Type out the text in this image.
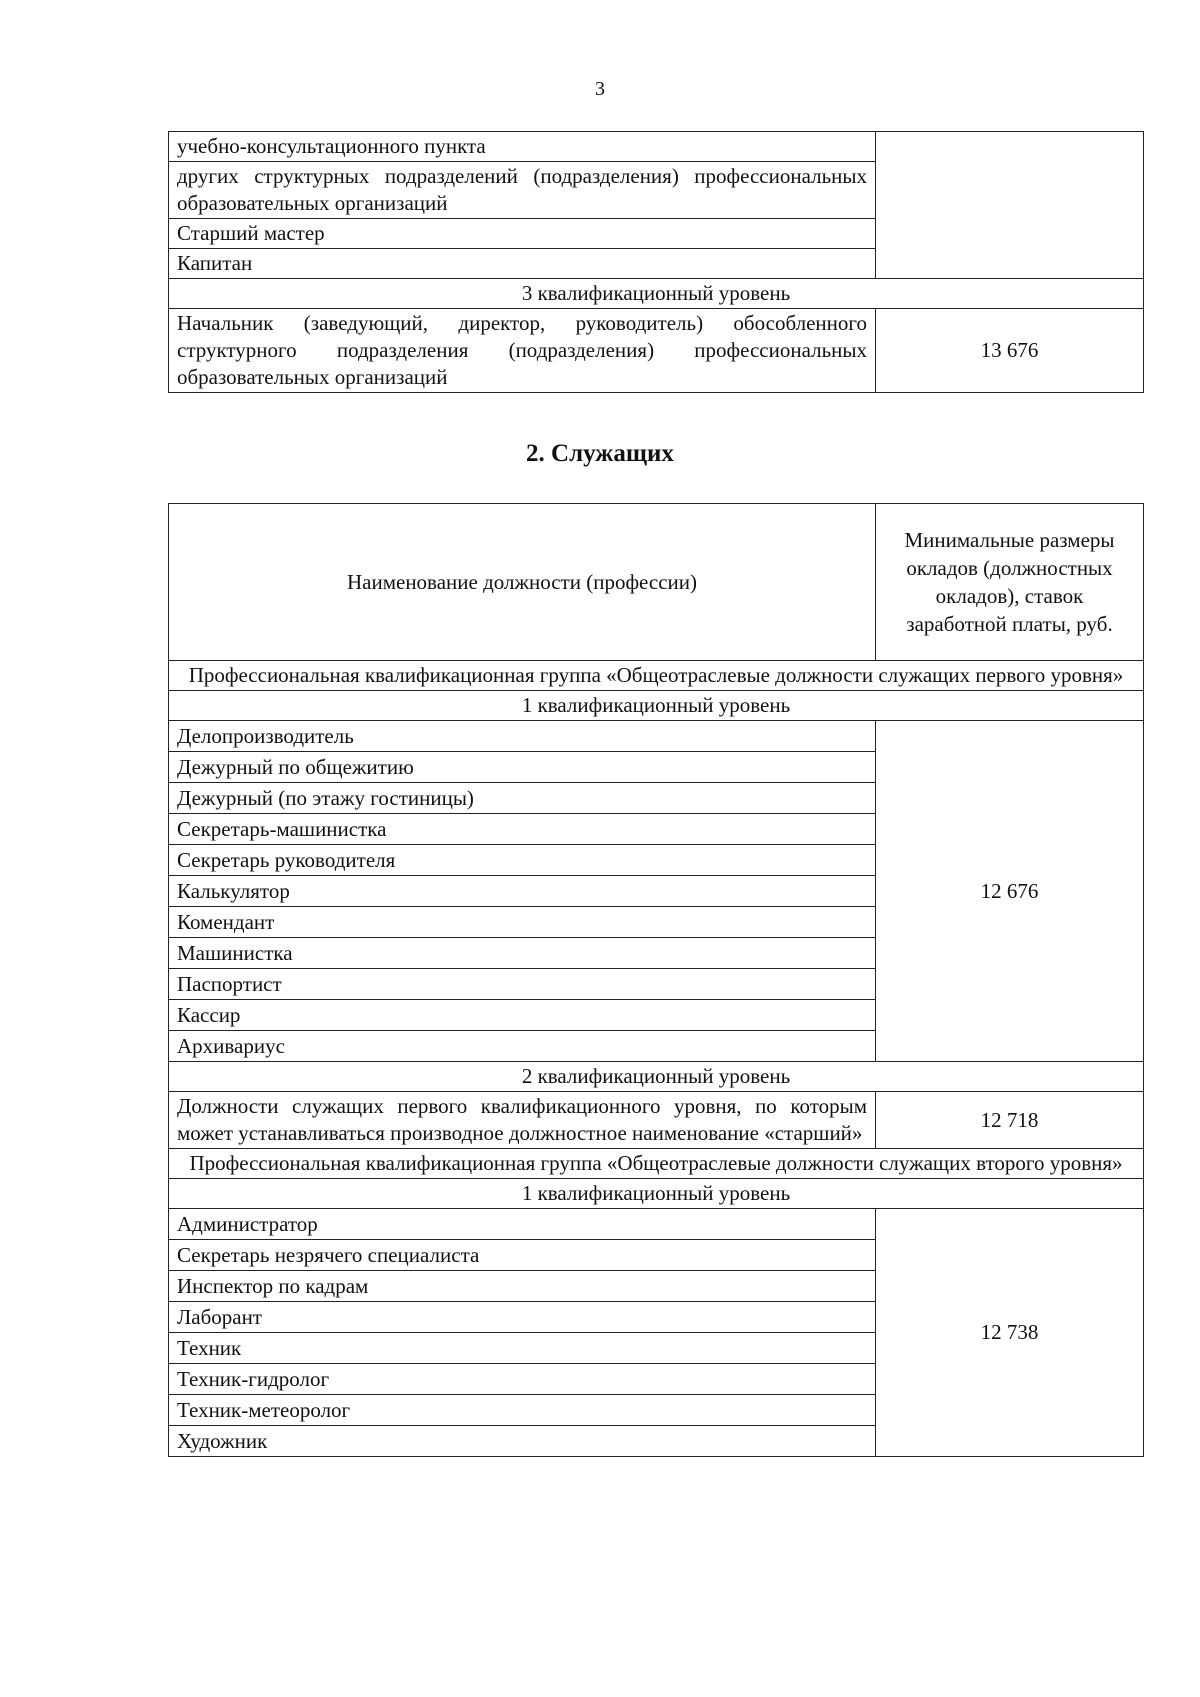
3
учебно-консультационного пункта	
других структурных подразделений (подразделения) профессиональных образовательных организаций	
Старший мастер	
Капитан	
3 квалификационный уровень	
Начальник (заведующий, директор, руководитель) обособленного структурного подразделения (подразделения) профессиональных образовательных организаций	13 676
2. Служащих
Наименование должности (профессии)	Минимальные размеры окладов (должностных окладов), ставок заработной платы, руб.
Профессиональная квалификационная группа «Общеотраслевые должности служащих первого уровня»	
1 квалификационный уровень	
Делопроизводитель	12 676
Дежурный по общежитию	
Дежурный (по этажу гостиницы)	
Секретарь-машинистка	
Секретарь руководителя	
Калькулятор	
Комендант	
Машинистка	
Паспортист	
Кассир	
Архивариус	
2 квалификационный уровень	
Должности служащих первого квалификационного уровня, по которым может устанавливаться производное должностное наименование «старший»	12 718
Профессиональная квалификационная группа «Общеотраслевые должности служащих второго уровня»	
1 квалификационный уровень	
Администратор	12 738
Секретарь незрячего специалиста	
Инспектор по кадрам	
Лаборант	
Техник	
Техник-гидролог	
Техник-метеоролог	
Художник	
